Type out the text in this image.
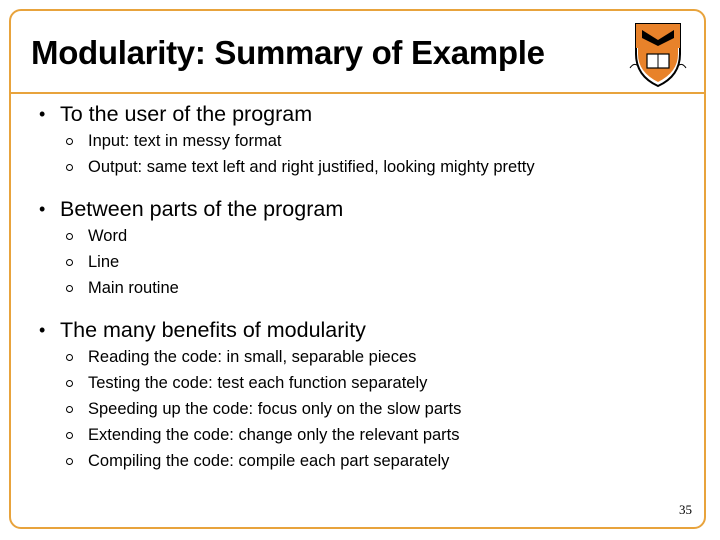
Modularity: Summary of Example
• To the user of the program
Input: text in messy format
Output: same text left and right justified, looking mighty pretty
• Between parts of the program
Word
Line
Main routine
• The many benefits of modularity
Reading the code: in small, separable pieces
Testing the code: test each function separately
Speeding up the code: focus only on the slow parts
Extending the code: change only the relevant parts
Compiling the code: compile each part separately
35
